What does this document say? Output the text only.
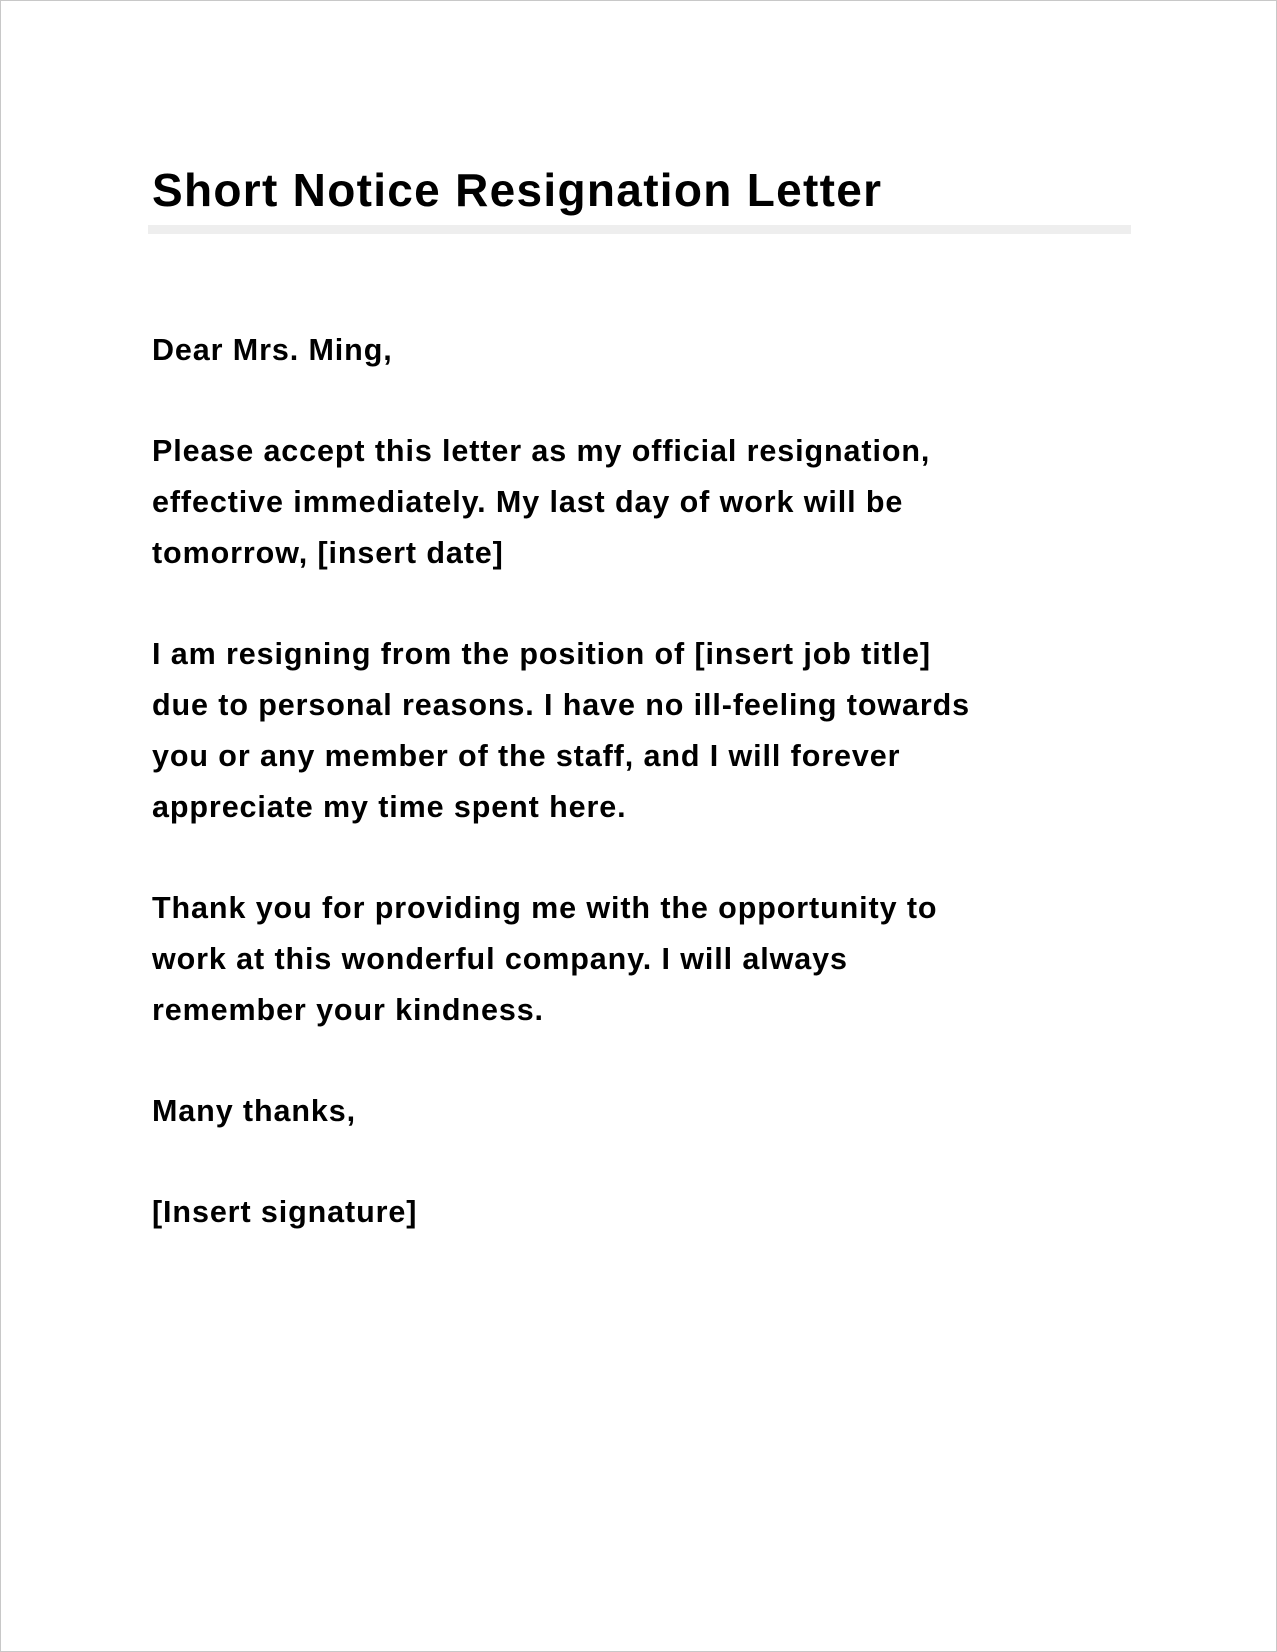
Short Notice Resignation Letter

Dear Mrs. Ming,

Please accept this letter as my official resignation,
effective immediately. My last day of work will be
tomorrow, [insert date]

I am resigning from the position of [insert job title]
due to personal reasons. I have no ill-feeling towards
you or any member of the staff, and I will forever
appreciate my time spent here.

Thank you for providing me with the opportunity to
work at this wonderful company. I will always
remember your kindness.

Many thanks,

[Insert signature]
